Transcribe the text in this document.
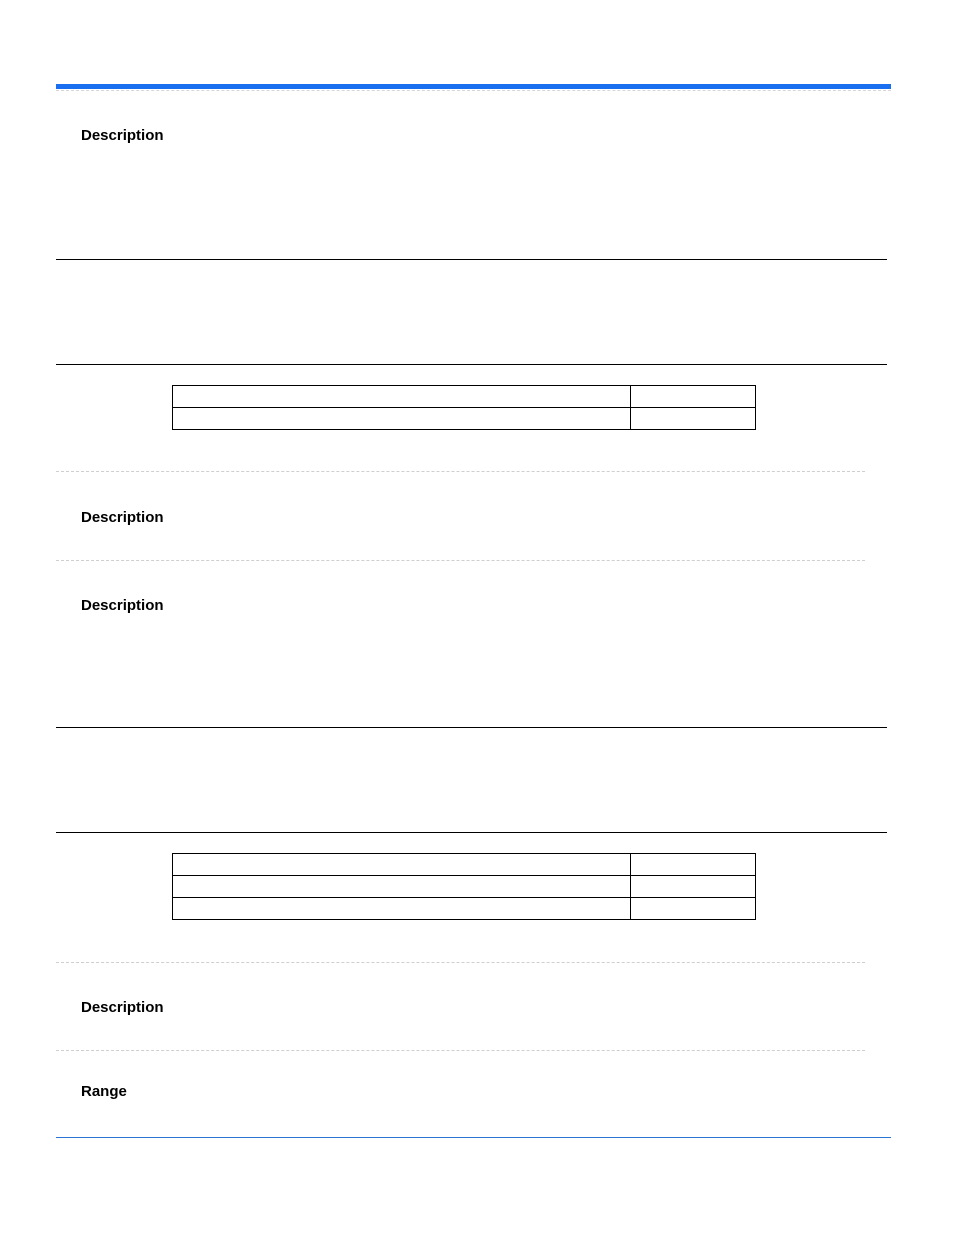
Description

Description
Description

Description
Range
